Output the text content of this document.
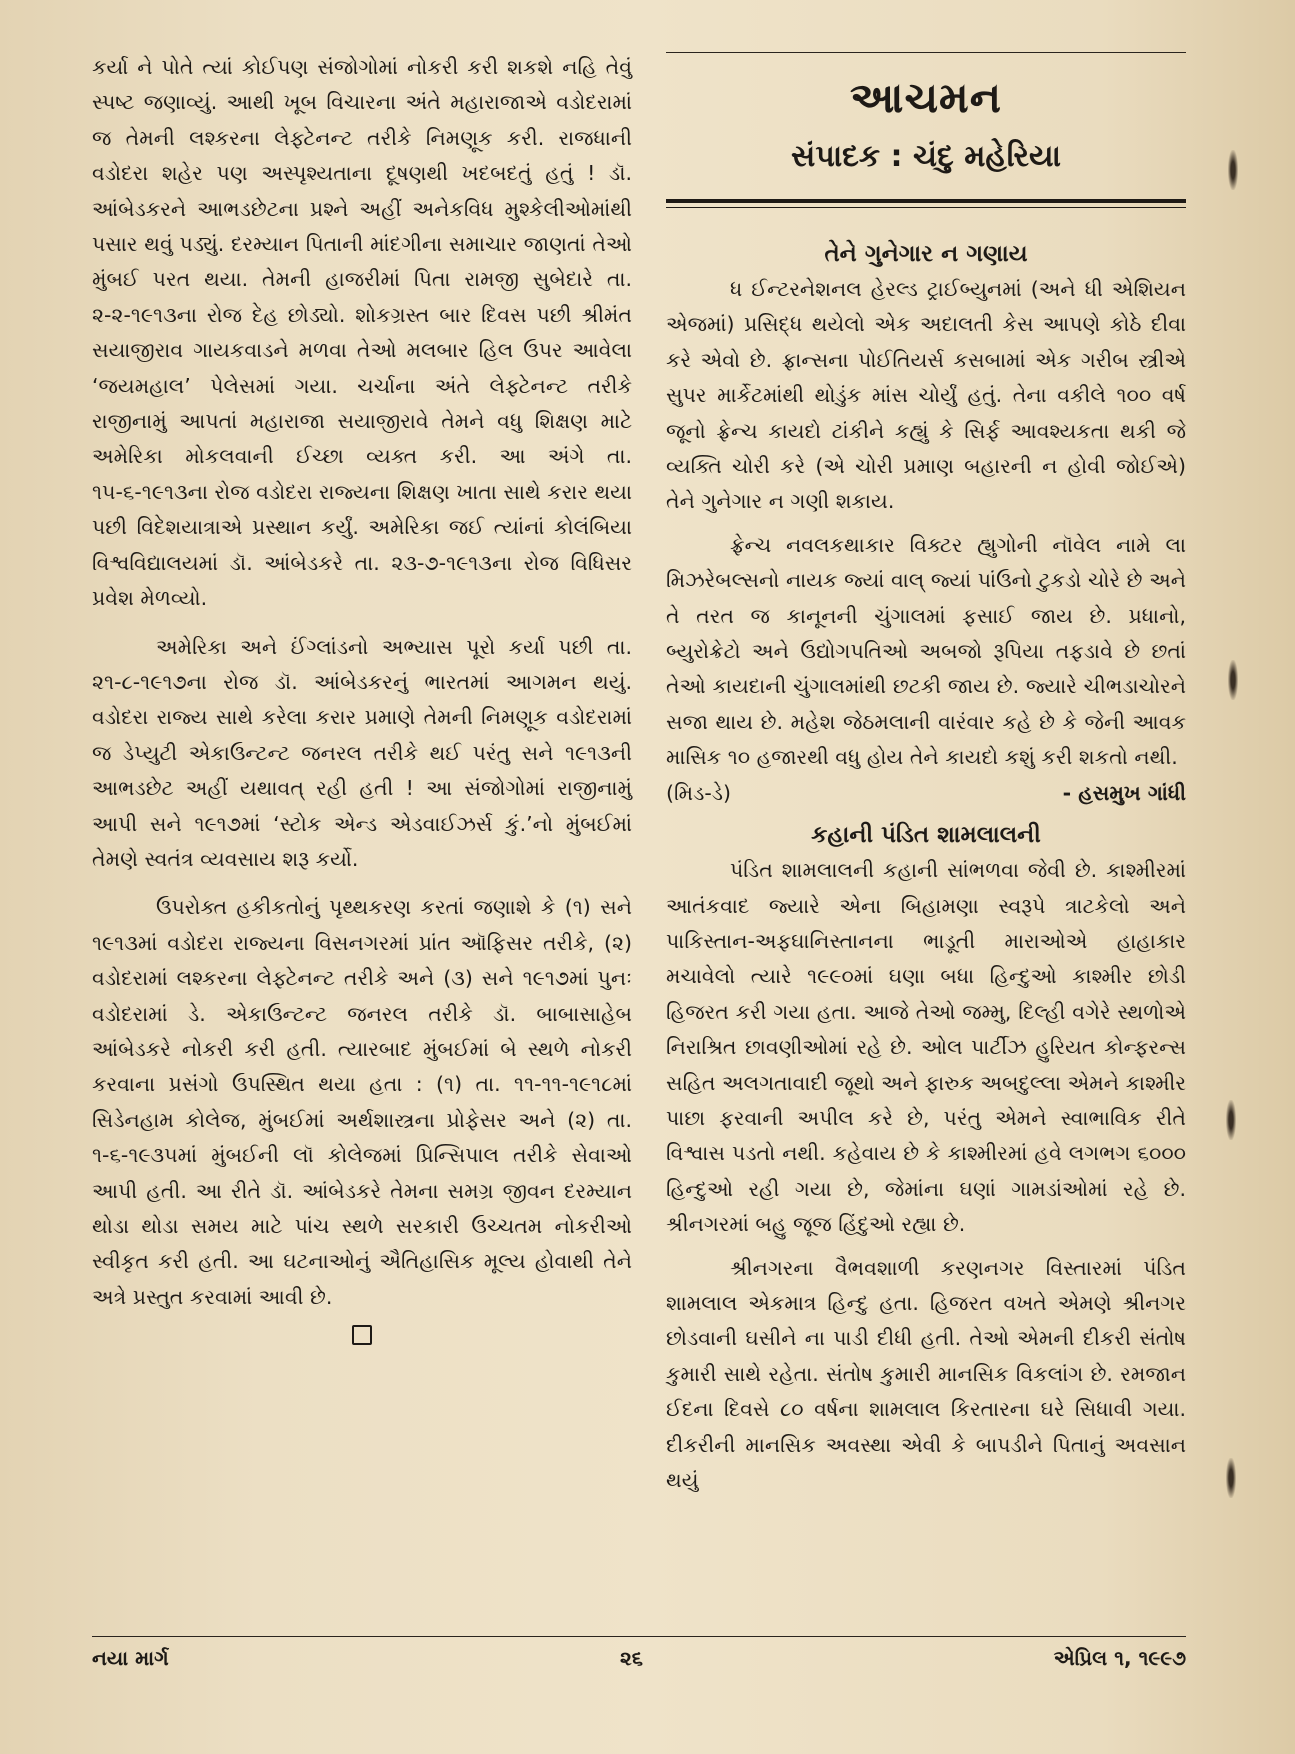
કર્યા ને પોતે ત્યાં કોઈપણ સંજોગોમાં નોકરી કરી શકશે નહિ તેવું સ્પષ્ટ જણાવ્યું. આથી ખૂબ વિચારના અંતે મહારાજાએ વડોદરામાં જ તેમની લશ્કરના લેફ્ટેનન્ટ તરીકે નિમણૂક કરી. રાજધાની વડોદરા શહેર પણ અસ્પૃશ્યતાના દૂષણથી ખદબદતું હતું ! ડૉ. આંબેડકરને આભડછેટના પ્રશ્ને અહીં અનેકવિધ મુશ્કેલીઓમાંથી પસાર થવું પડ્યું. દરમ્યાન પિતાની માંદગીના સમાચાર જાણતાં તેઓ મુંબઈ પરત થયા. તેમની હાજરીમાં પિતા રામજી સુબેદારે તા. ૨-૨-૧૯૧૩ના રોજ દેહ છોડ્યો. શોકગ્રસ્ત બાર દિવસ પછી શ્રીમંત સયાજીરાવ ગાયકવાડને મળવા તેઓ મલબાર હિલ ઉપર આવેલા ‘જયમહાલ’ પેલેસમાં ગયા. ચર્ચાના અંતે લેફ્ટેનન્ટ તરીકે રાજીનામું આપતાં મહારાજા સયાજીરાવે તેમને વધુ શિક્ષણ માટે અમેરિકા મોકલવાની ઈચ્છા વ્યક્ત કરી. આ અંગે તા. ૧૫-૬-૧૯૧૩ના રોજ વડોદરા રાજ્યના શિક્ષણ ખાતા સાથે કરાર થયા પછી વિદેશયાત્રાએ પ્રસ્થાન કર્યું. અમેરિકા જઈ ત્યાંનાં કોલંબિયા વિશ્વવિદ્યાલયમાં ડૉ. આંબેડકરે તા. ૨૩-૭-૧૯૧૩ના રોજ વિધિસર પ્રવેશ મેળવ્યો.

અમેરિકા અને ઈંગ્લાંડનો અભ્યાસ પૂરો કર્યા પછી તા. ૨૧-૮-૧૯૧૭ના રોજ ડૉ. આંબેડકરનું ભારતમાં આગમન થયું. વડોદરા રાજ્ય સાથે કરેલા કરાર પ્રમાણે તેમની નિમણૂક વડોદરામાં જ ડેપ્યુટી એકાઉન્ટન્ટ જનરલ તરીકે થઈ પરંતુ સને ૧૯૧૩ની આભડછેટ અહીં યથાવત્ રહી હતી ! આ સંજોગોમાં રાજીનામું આપી સને ૧૯૧૭માં ‘સ્ટોક એન્ડ એડવાઈઝર્સ કું.’નો મુંબઈમાં તેમણે સ્વતંત્ર વ્યવસાય શરૂ કર્યો.

ઉપરોક્ત હકીકતોનું પૃથ્થકરણ કરતાં જણાશે કે (૧) સને ૧૯૧૩માં વડોદરા રાજ્યના વિસનગરમાં પ્રાંત ઑફિસર તરીકે, (૨) વડોદરામાં લશ્કરના લેફ્ટેનન્ટ તરીકે અને (૩) સને ૧૯૧૭માં પુનઃ વડોદરામાં ડે. એકાઉન્ટન્ટ જનરલ તરીકે ડૉ. બાબાસાહેબ આંબેડકરે નોકરી કરી હતી. ત્યારબાદ મુંબઈમાં બે સ્થળે નોકરી કરવાના પ્રસંગો ઉપસ્થિત થયા હતા : (૧) તા. ૧૧-૧૧-૧૯૧૮માં સિડેનહામ કોલેજ, મુંબઈમાં અર્થશાસ્ત્રના પ્રોફેસર અને (૨) તા. ૧-૬-૧૯૩૫માં મુંબઈની લૉ કોલેજમાં પ્રિન્સિપાલ તરીકે સેવાઓ આપી હતી. આ રીતે ડૉ. આંબેડકરે તેમના સમગ્ર જીવન દરમ્યાન થોડા થોડા સમય માટે પાંચ સ્થળે સરકારી ઉચ્ચતમ નોકરીઓ સ્વીકૃત કરી હતી. આ ઘટનાઓનું ઐતિહાસિક મૂલ્ય હોવાથી તેને અત્રે પ્રસ્તુત કરવામાં આવી છે.

આચમન
સંપાદક : ચંદુ મહેરિયા
તેને ગુનેગાર ન ગણાય

ધ ઈન્ટરનેશનલ હેરલ્ડ ટ્રાઈબ્યુનમાં (અને ધી એશિયન એજમાં) પ્રસિદ્ધ થયેલો એક અદાલતી કેસ આપણે કોઠે દીવા કરે એવો છે. ફ્રાન્સના પોઈતિયર્સ કસબામાં એક ગરીબ સ્ત્રીએ સુપર માર્કેટમાંથી થોડુંક માંસ ચોર્યું હતું. તેના વકીલે ૧૦૦ વર્ષ જૂનો ફ્રેન્ચ કાયદો ટાંકીને કહ્યું કે સિર્ફ આવશ્યકતા થકી જે વ્યક્તિ ચોરી કરે (એ ચોરી પ્રમાણ બહારની ન હોવી જોઈએ) તેને ગુનેગાર ન ગણી શકાય.

ફ્રેન્ચ નવલકથાકાર વિક્ટર હ્યુગોની નૉવેલ નામે લા મિઝરેબલ્સનો નાયક જ્યાં વાલ્ જ્યાં પાંઉનો ટુકડો ચોરે છે અને તે તરત જ કાનૂનની ચુંગાલમાં ફસાઈ જાય છે. પ્રધાનો, બ્યુરોક્રેટો અને ઉદ્યોગપતિઓ અબજો રૂપિયા તફડાવે છે છતાં તેઓ કાયદાની ચુંગાલમાંથી છટકી જાય છે. જ્યારે ચીભડાચોરને સજા થાય છે. મહેશ જેઠમલાની વારંવાર કહે છે કે જેની આવક માસિક ૧૦ હજારથી વધુ હોય તેને કાયદો કશું કરી શકતો નથી.

(મિડ-ડે)	- હસમુખ ગાંધી
કહાની પંડિત શામલાલની

પંડિત શામલાલની કહાની સાંભળવા જેવી છે. કાશ્મીરમાં આતંકવાદ જ્યારે એના બિહામણા સ્વરૂપે ત્રાટકેલો અને પાકિસ્તાન-અફઘાનિસ્તાનના ભાડૂતી મારાઓએ હાહાકાર મચાવેલો ત્યારે ૧૯૯૦માં ઘણા બધા હિન્દુઓ કાશ્મીર છોડી હિજરત કરી ગયા હતા. આજે તેઓ જમ્મુ, દિલ્હી વગેરે સ્થળોએ નિરાશ્રિત છાવણીઓમાં રહે છે. ઓલ પાર્ટીઝ હુરિયત કોન્ફરન્સ સહિત અલગતાવાદી જૂથો અને ફારુક અબદુલ્લા એમને કાશ્મીર પાછા ફરવાની અપીલ કરે છે, પરંતુ એમને સ્વાભાવિક રીતે વિશ્વાસ પડતો નથી. કહેવાય છે કે કાશ્મીરમાં હવે લગભગ ૬૦૦૦ હિન્દુઓ રહી ગયા છે, જેમાંના ઘણાં ગામડાંઓમાં રહે છે. શ્રીનગરમાં બહુ જૂજ હિંદુઓ રહ્યા છે.

શ્રીનગરના વૈભવશાળી કરણનગર વિસ્તારમાં પંડિત શામલાલ એકમાત્ર હિન્દુ હતા. હિજરત વખતે એમણે શ્રીનગર છોડવાની ઘસીને ના પાડી દીધી હતી. તેઓ એમની દીકરી સંતોષ કુમારી સાથે રહેતા. સંતોષ કુમારી માનસિક વિકલાંગ છે. રમજાન ઈદના દિવસે ૮૦ વર્ષના શામલાલ કિરતારના ઘરે સિધાવી ગયા. દીકરીની માનસિક અવસ્થા એવી કે બાપડીને પિતાનું અવસાન થયું

નયા માર્ગ	૨૬	એપ્રિલ ૧, ૧૯૯૭
